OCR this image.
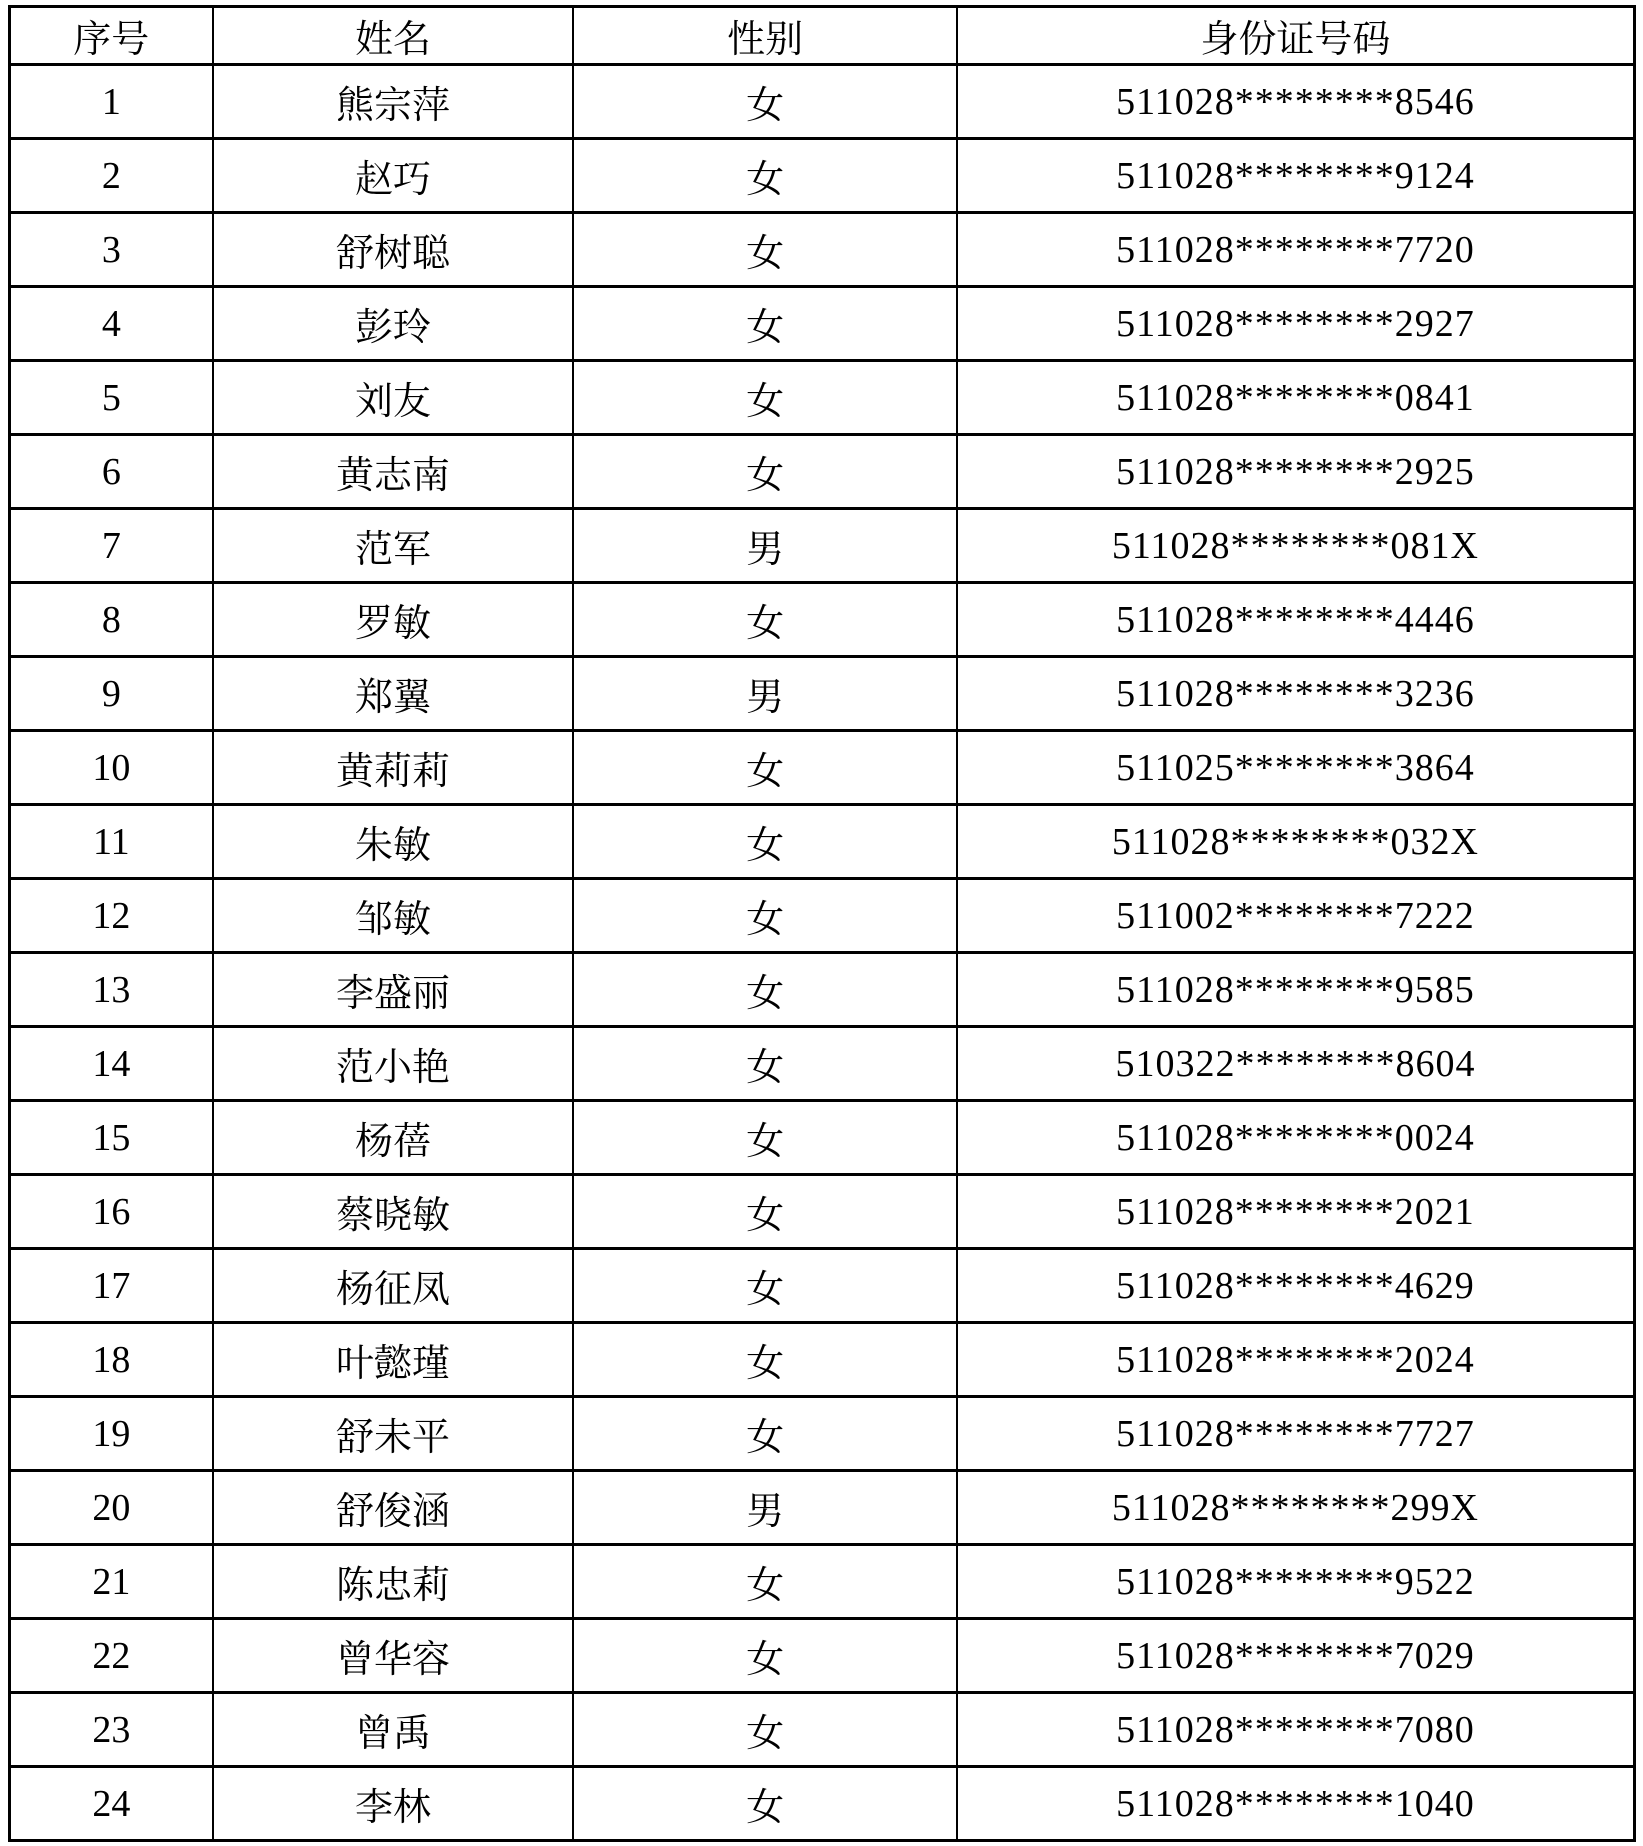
序号	姓名	性别	身份证号码
1	熊宗萍	女	511028********8546
2	赵巧	女	511028********9124
3	舒树聪	女	511028********7720
4	彭玲	女	511028********2927
5	刘友	女	511028********0841
6	黄志南	女	511028********2925
7	范军	男	511028********081X
8	罗敏	女	511028********4446
9	郑翼	男	511028********3236
10	黄莉莉	女	511025********3864
11	朱敏	女	511028********032X
12	邹敏	女	511002********7222
13	李盛丽	女	511028********9585
14	范小艳	女	510322********8604
15	杨蓓	女	511028********0024
16	蔡晓敏	女	511028********2021
17	杨征凤	女	511028********4629
18	叶懿瑾	女	511028********2024
19	舒未平	女	511028********7727
20	舒俊涵	男	511028********299X
21	陈忠莉	女	511028********9522
22	曾华容	女	511028********7029
23	曾禹	女	511028********7080
24	李林	女	511028********1040
